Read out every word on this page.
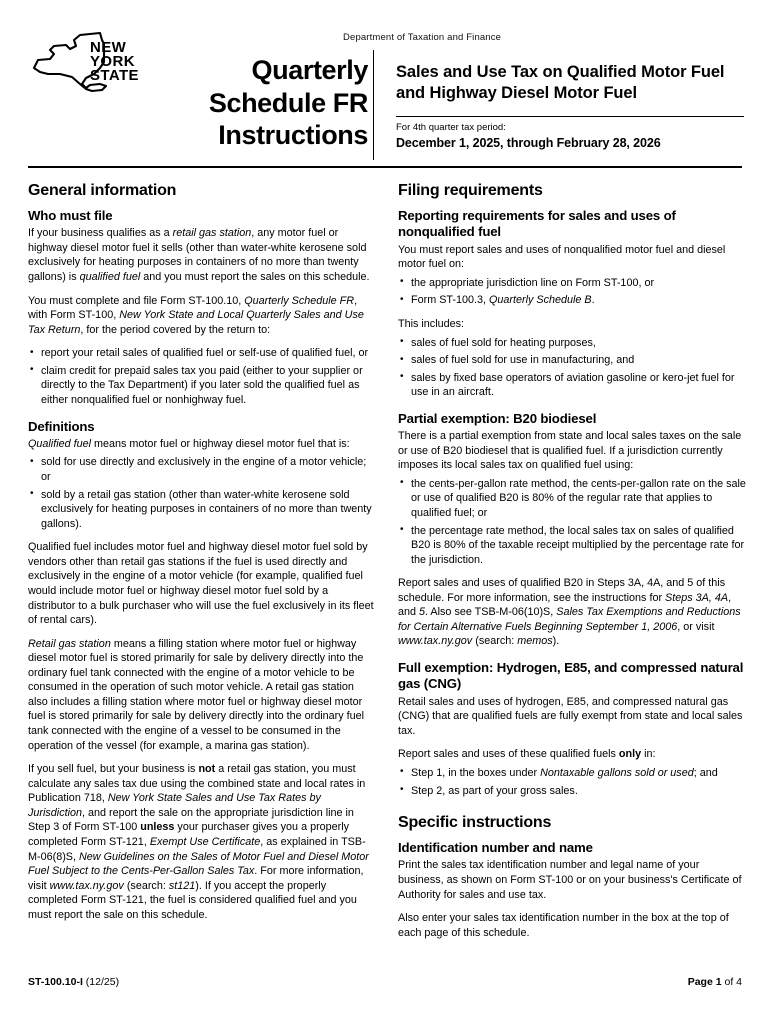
NEW
YORK
STATE	Quarterly
Schedule FR
Instructions
Department of Taxation and Finance
Sales and Use Tax on Qualified Motor Fuel and Highway Diesel Motor Fuel
For 4th quarter tax period:
December 1, 2025, through February 28, 2026
General information
Who must file

If your business qualifies as a retail gas station, any motor fuel or highway diesel motor fuel it sells (other than water-white kerosene sold exclusively for heating purposes in containers of no more than twenty gallons) is qualified fuel and you must report the sales on this schedule.

You must complete and file Form ST-100.10, Quarterly Schedule FR, with Form ST-100, New York State and Local Quarterly Sales and Use Tax Return, for the period covered by the return to:

• report your retail sales of qualified fuel or self-use of qualified fuel, or
• claim credit for prepaid sales tax you paid (either to your supplier or directly to the Tax Department) if you later sold the qualified fuel as either nonqualified fuel or nonhighway fuel.
Definitions

Qualified fuel means motor fuel or highway diesel motor fuel that is:

• sold for use directly and exclusively in the engine of a motor vehicle; or
• sold by a retail gas station (other than water-white kerosene sold exclusively for heating purposes in containers of no more than twenty gallons).

Qualified fuel includes motor fuel and highway diesel motor fuel sold by vendors other than retail gas stations if the fuel is used directly and exclusively in the engine of a motor vehicle (for example, qualified fuel would include motor fuel or highway diesel motor fuel sold by a distributor to a bulk purchaser who will use the fuel exclusively in its fleet of rental cars).

Retail gas station means a filling station where motor fuel or highway diesel motor fuel is stored primarily for sale by delivery directly into the ordinary fuel tank connected with the engine of a motor vehicle to be consumed in the operation of such motor vehicle. A retail gas station also includes a filling station where motor fuel or highway diesel motor fuel is stored primarily for sale by delivery directly into the ordinary fuel tank connected with the engine of a vessel to be consumed in the operation of the vessel (for example, a marina gas station).

If you sell fuel, but your business is not a retail gas station, you must calculate any sales tax due using the combined state and local rates in Publication 718, New York State Sales and Use Tax Rates by Jurisdiction, and report the sale on the appropriate jurisdiction line in Step 3 of Form ST-100 unless your purchaser gives you a properly completed Form ST-121, Exempt Use Certificate, as explained in TSB-M-06(8)S, New Guidelines on the Sales of Motor Fuel and Diesel Motor Fuel Subject to the Cents-Per-Gallon Sales Tax. For more information, visit www.tax.ny.gov (search: st121). If you accept the properly completed Form ST-121, the fuel is considered qualified fuel and you must report the sale on this schedule.

Filing requirements
Reporting requirements for sales and uses of nonqualified fuel

You must report sales and uses of nonqualified motor fuel and diesel motor fuel on:

• the appropriate jurisdiction line on Form ST-100, or
• Form ST-100.3, Quarterly Schedule B.

This includes:

• sales of fuel sold for heating purposes,
• sales of fuel sold for use in manufacturing, and
• sales by fixed base operators of aviation gasoline or kero-jet fuel for use in an aircraft.
Partial exemption: B20 biodiesel

There is a partial exemption from state and local sales taxes on the sale or use of B20 biodiesel that is qualified fuel. If a jurisdiction currently imposes its local sales tax on qualified fuel using:

• the cents-per-gallon rate method, the cents-per-gallon rate on the sale or use of qualified B20 is 80% of the regular rate that applies to qualified fuel; or
• the percentage rate method, the local sales tax on sales of qualified B20 is 80% of the taxable receipt multiplied by the percentage rate for the jurisdiction.

Report sales and uses of qualified B20 in Steps 3A, 4A, and 5 of this schedule. For more information, see the instructions for Steps 3A, 4A, and 5. Also see TSB-M-06(10)S, Sales Tax Exemptions and Reductions for Certain Alternative Fuels Beginning September 1, 2006, or visit www.tax.ny.gov (search: memos).

Full exemption: Hydrogen, E85, and compressed natural gas (CNG)

Retail sales and uses of hydrogen, E85, and compressed natural gas (CNG) that are qualified fuels are fully exempt from state and local sales tax.

Report sales and uses of these qualified fuels only in:

• Step 1, in the boxes under Nontaxable gallons sold or used; and
• Step 2, as part of your gross sales.
Specific instructions
Identification number and name

Print the sales tax identification number and legal name of your business, as shown on Form ST-100 or on your business's Certificate of Authority for sales and use tax.

Also enter your sales tax identification number in the box at the top of each page of this schedule.

ST-100.10-I (12/25)	Page 1 of 4
